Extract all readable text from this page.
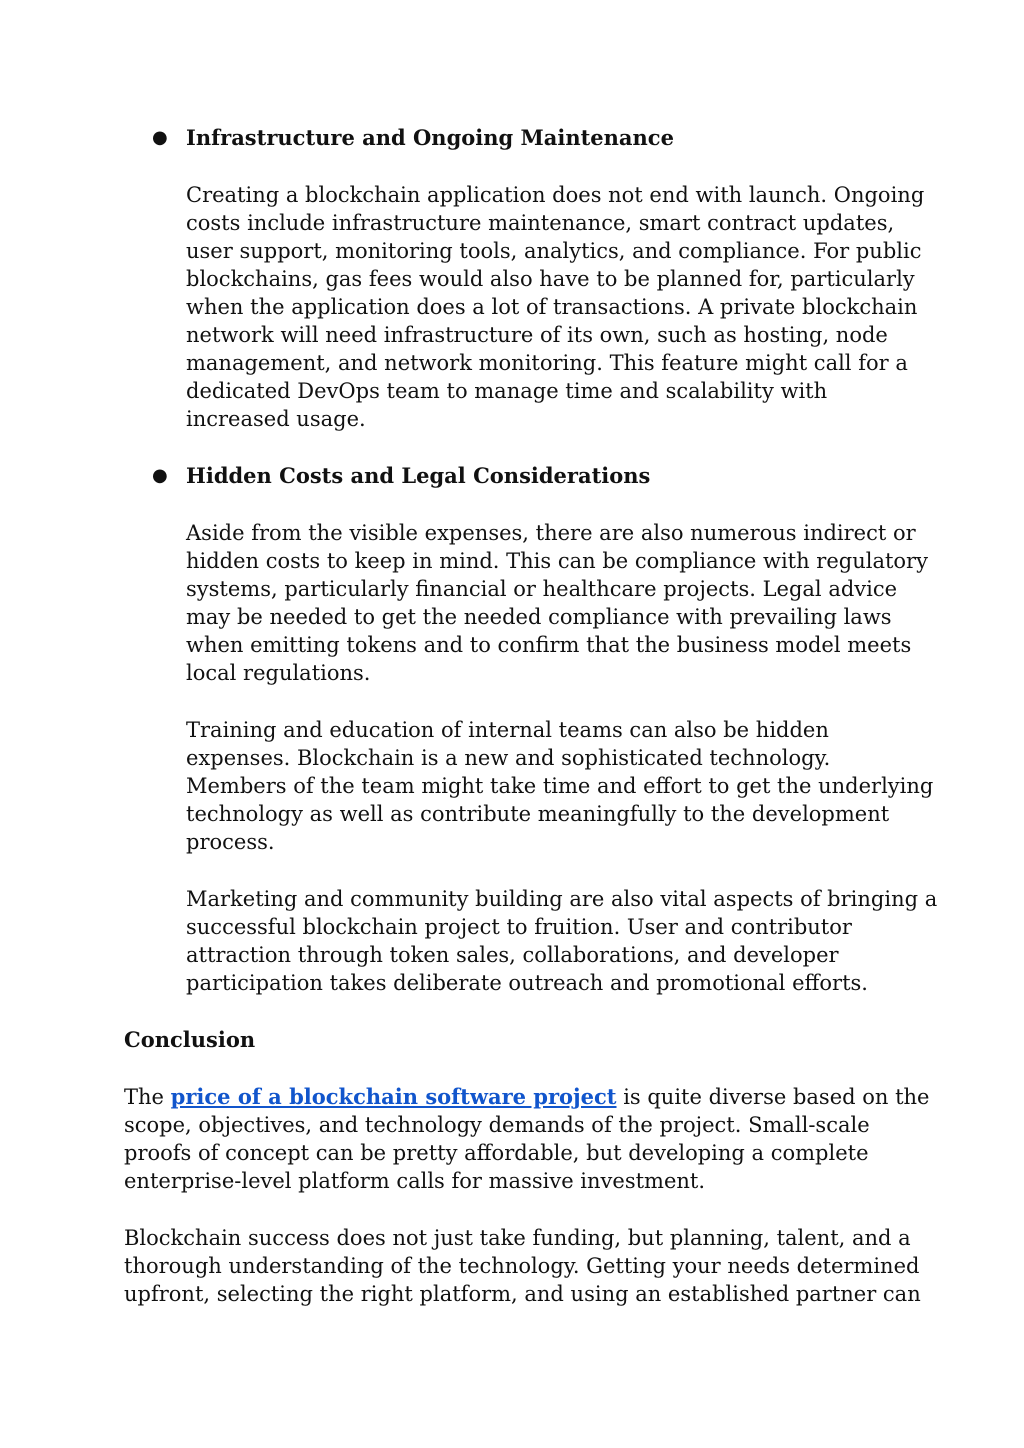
● Infrastructure and Ongoing Maintenance
Creating a blockchain application does not end with launch. Ongoing
costs include infrastructure maintenance, smart contract updates,
user support, monitoring tools, analytics, and compliance. For public
blockchains, gas fees would also have to be planned for, particularly
when the application does a lot of transactions. A private blockchain
network will need infrastructure of its own, such as hosting, node
management, and network monitoring. This feature might call for a
dedicated DevOps team to manage time and scalability with
increased usage.
● Hidden Costs and Legal Considerations
Aside from the visible expenses, there are also numerous indirect or
hidden costs to keep in mind. This can be compliance with regulatory
systems, particularly financial or healthcare projects. Legal advice
may be needed to get the needed compliance with prevailing laws
when emitting tokens and to confirm that the business model meets
local regulations.
Training and education of internal teams can also be hidden
expenses. Blockchain is a new and sophisticated technology.
Members of the team might take time and effort to get the underlying
technology as well as contribute meaningfully to the development
process.
Marketing and community building are also vital aspects of bringing a
successful blockchain project to fruition. User and contributor
attraction through token sales, collaborations, and developer
participation takes deliberate outreach and promotional efforts.
Conclusion
The price of a blockchain software project is quite diverse based on the
scope, objectives, and technology demands of the project. Small-scale
proofs of concept can be pretty affordable, but developing a complete
enterprise-level platform calls for massive investment.
Blockchain success does not just take funding, but planning, talent, and a
thorough understanding of the technology. Getting your needs determined
upfront, selecting the right platform, and using an established partner can
